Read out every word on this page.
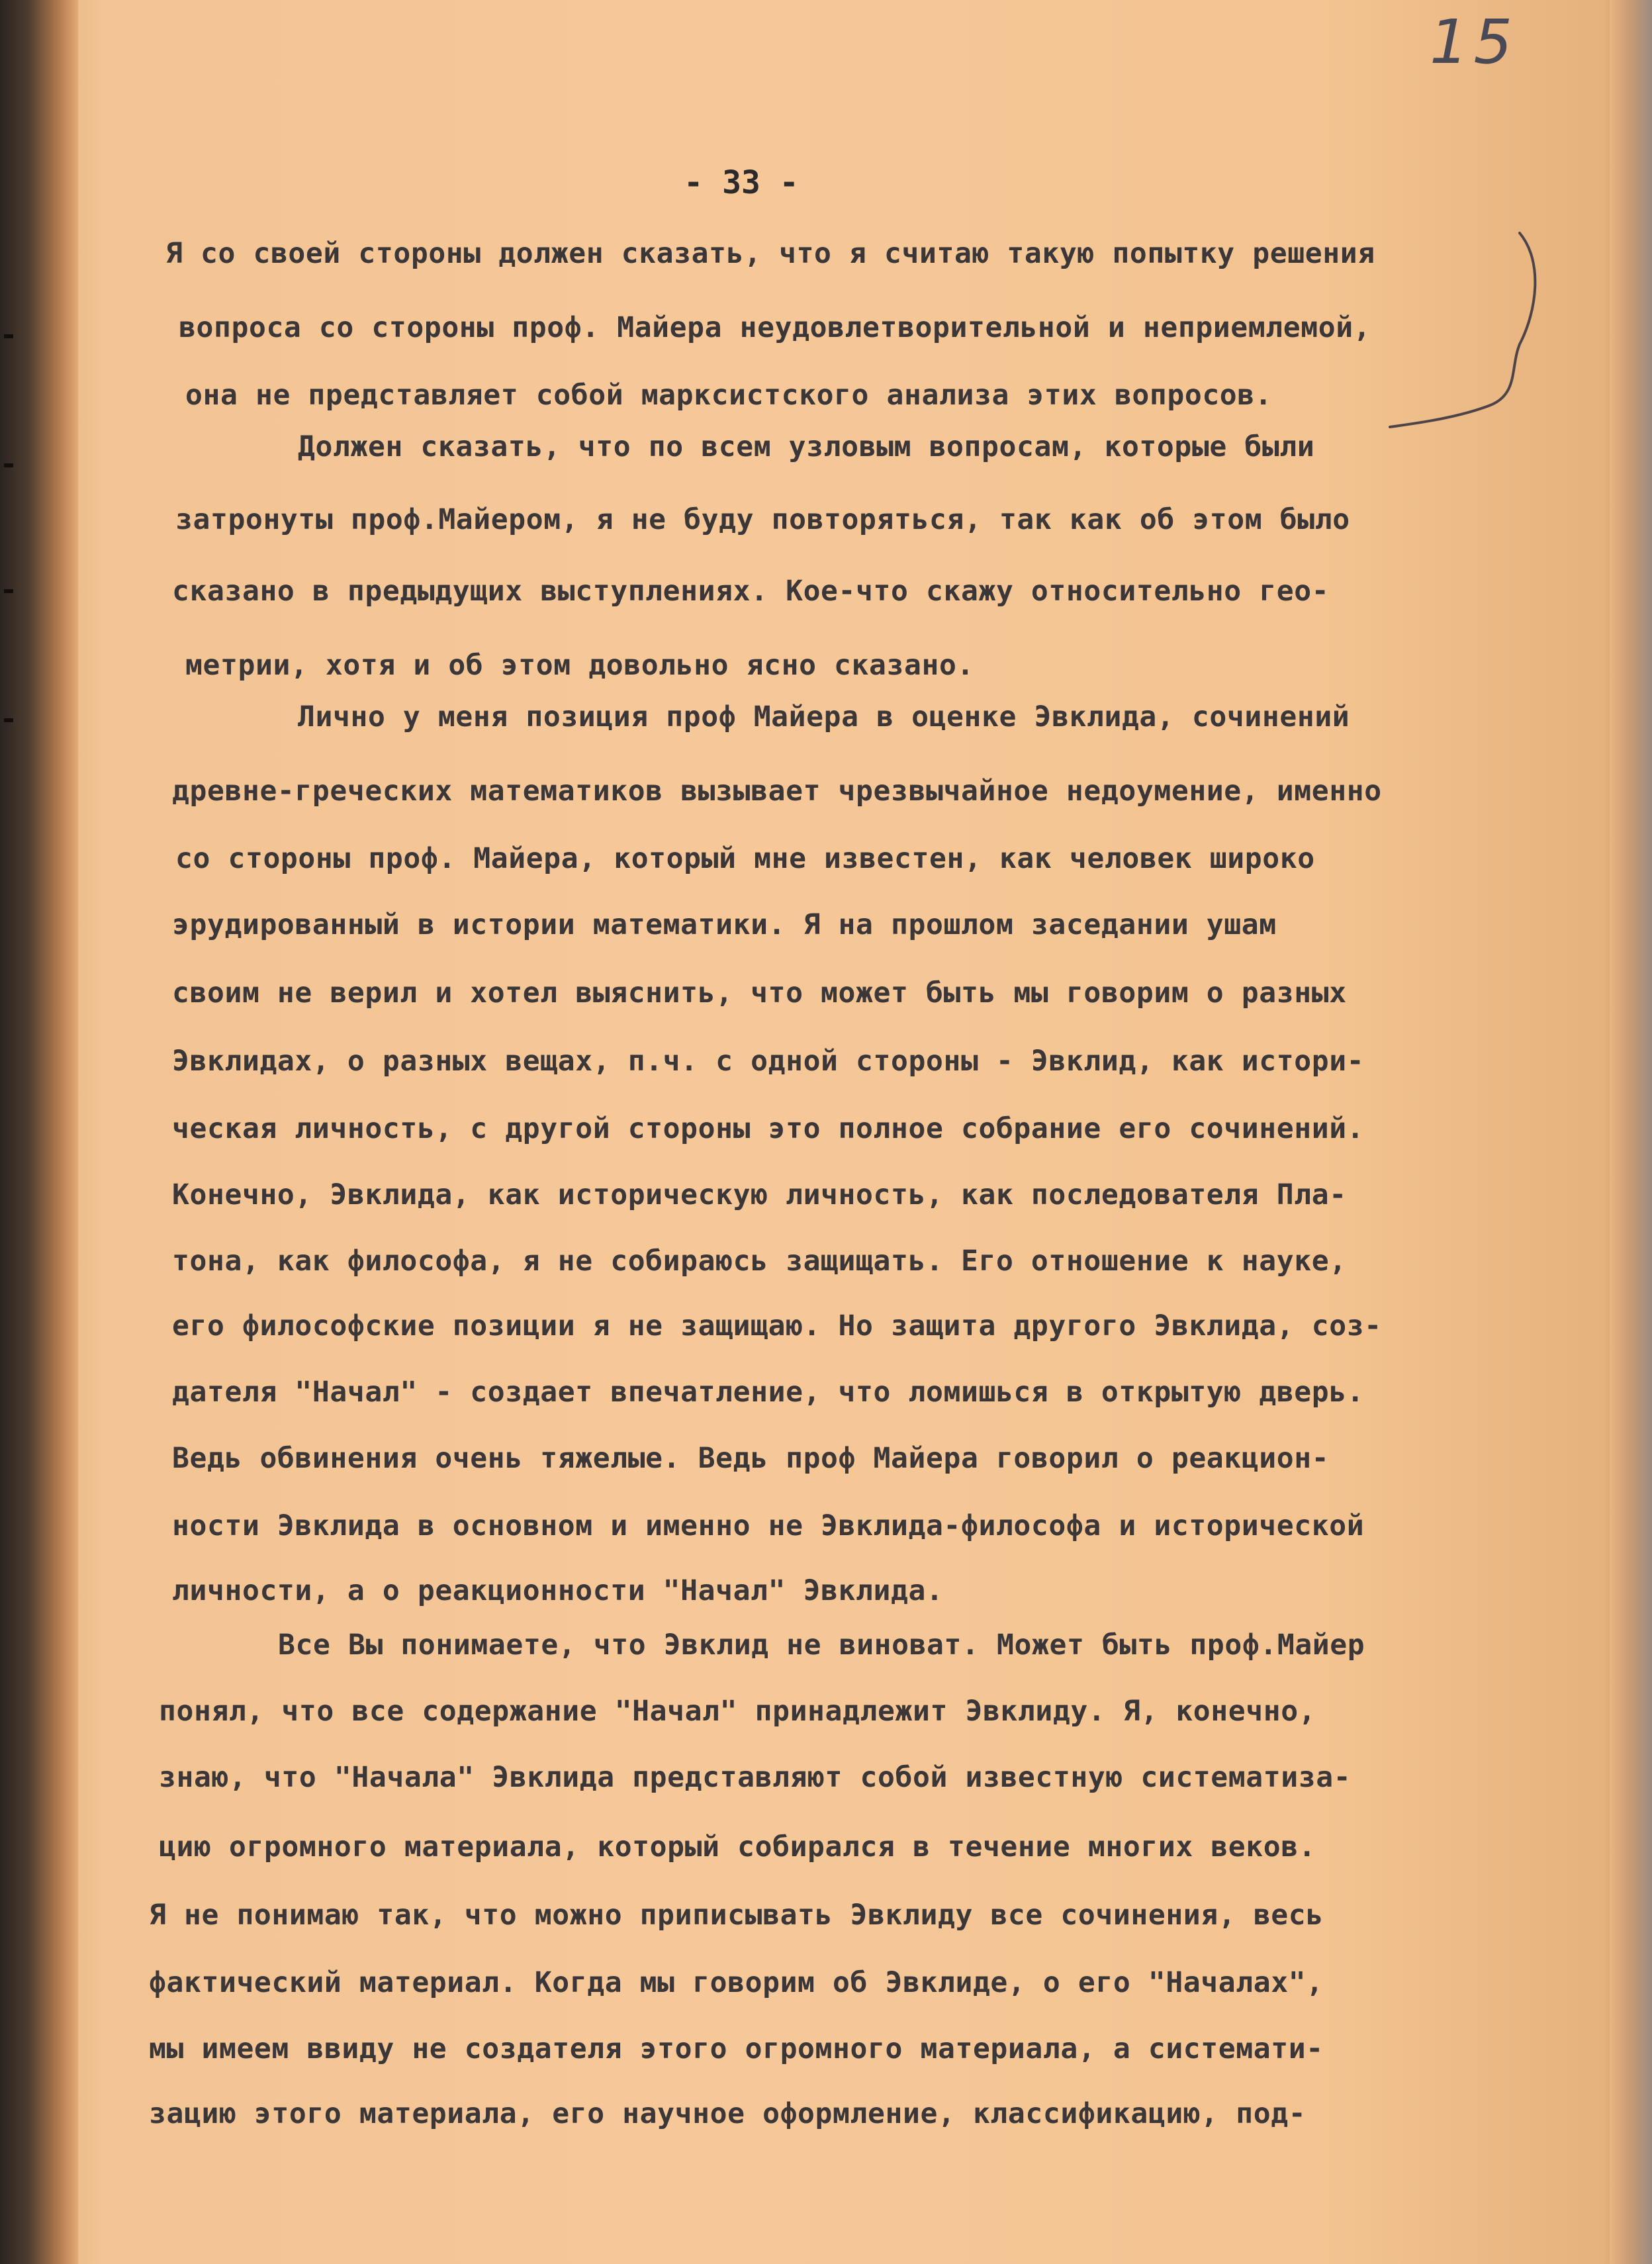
15
- 33 -
Я со своей стороны должен сказать, что я считаю такую попытку решения
вопроса со стороны проф. Майера неудовлетворительной и неприемлемой,
она не представляет собой марксистского анализа этих вопросов.
Должен сказать, что по всем узловым вопросам, которые были
затронуты проф.Майером, я не буду повторяться, так как об этом было
сказано в предыдущих выступлениях. Кое-что скажу относительно гео-
метрии, хотя и об этом довольно ясно сказано.
Лично у меня позиция проф Майера в оценке Эвклида, сочинений
древне-греческих математиков вызывает чрезвычайное недоумение, именно
со стороны проф. Майера, который мне известен, как человек широко
эрудированный в истории математики. Я на прошлом заседании ушам
своим не верил и хотел выяснить, что может быть мы говорим о разных
Эвклидах, о разных вещах, п.ч. с одной стороны - Эвклид, как истори-
ческая личность, с другой стороны это полное собрание его сочинений.
Конечно, Эвклида, как историческую личность, как последователя Пла-
тона, как философа, я не собираюсь защищать. Его отношение к науке,
его философские позиции я не защищаю. Но защита другого Эвклида, соз-
дателя "Начал" - создает впечатление, что ломишься в открытую дверь.
Ведь обвинения очень тяжелые. Ведь проф Майера говорил о реакцион-
ности Эвклида в основном и именно не Эвклида-философа и исторической
личности, а о реакционности "Начал" Эвклида.
Все Вы понимаете, что Эвклид не виноват. Может быть проф.Майер
понял, что все содержание "Начал" принадлежит Эвклиду. Я, конечно,
знаю, что "Начала" Эвклида представляют собой известную систематиза-
цию огромного материала, который собирался в течение многих веков.
Я не понимаю так, что можно приписывать Эвклиду все сочинения, весь
фактический материал. Когда мы говорим об Эвклиде, о его "Началах",
мы имеем ввиду не создателя этого огромного материала, а системати-
зацию этого материала, его научное оформление, классификацию, под-
